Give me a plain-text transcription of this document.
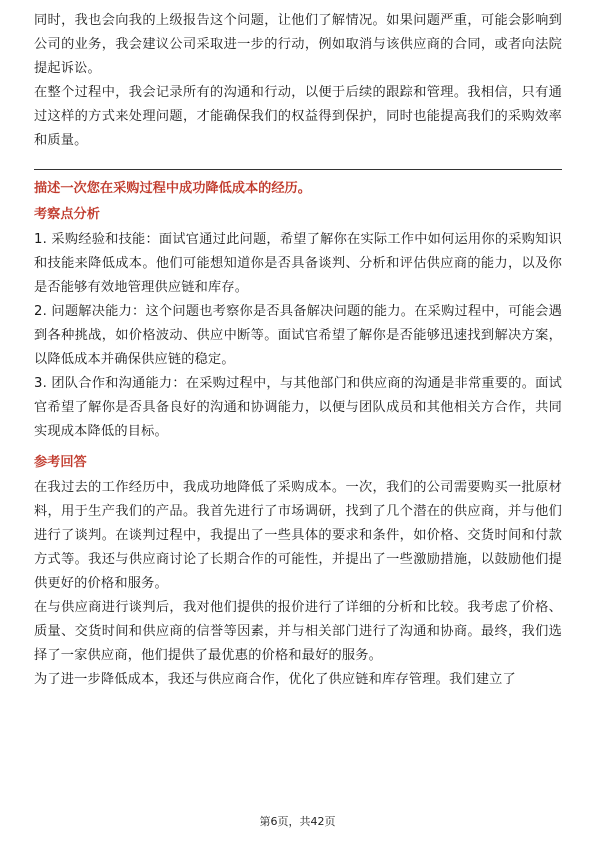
同时，我也会向我的上级报告这个问题，让他们了解情况。如果问题严重，可能会影响到公司的业务，我会建议公司采取进一步的行动，例如取消与该供应商的合同，或者向法院提起诉讼。

在整个过程中，我会记录所有的沟通和行动，以便于后续的跟踪和管理。我相信，只有通过这样的方式来处理问题，才能确保我们的权益得到保护，同时也能提高我们的采购效率和质量。

描述一次您在采购过程中成功降低成本的经历。
考察点分析

1. 采购经验和技能：面试官通过此问题，希望了解你在实际工作中如何运用你的采购知识和技能来降低成本。他们可能想知道你是否具备谈判、分析和评估供应商的能力，以及你是否能够有效地管理供应链和库存。

2. 问题解决能力：这个问题也考察你是否具备解决问题的能力。在采购过程中，可能会遇到各种挑战，如价格波动、供应中断等。面试官希望了解你是否能够迅速找到解决方案，以降低成本并确保供应链的稳定。

3. 团队合作和沟通能力：在采购过程中，与其他部门和供应商的沟通是非常重要的。面试官希望了解你是否具备良好的沟通和协调能力，以便与团队成员和其他相关方合作，共同实现成本降低的目标。

参考回答

在我过去的工作经历中，我成功地降低了采购成本。一次，我们的公司需要购买一批原材料，用于生产我们的产品。我首先进行了市场调研，找到了几个潜在的供应商，并与他们进行了谈判。在谈判过程中，我提出了一些具体的要求和条件，如价格、交货时间和付款方式等。我还与供应商讨论了长期合作的可能性，并提出了一些激励措施，以鼓励他们提供更好的价格和服务。

在与供应商进行谈判后，我对他们提供的报价进行了详细的分析和比较。我考虑了价格、质量、交货时间和供应商的信誉等因素，并与相关部门进行了沟通和协商。最终，我们选择了一家供应商，他们提供了最优惠的价格和最好的服务。

为了进一步降低成本，我还与供应商合作，优化了供应链和库存管理。我们建立了

第6页，共42页
